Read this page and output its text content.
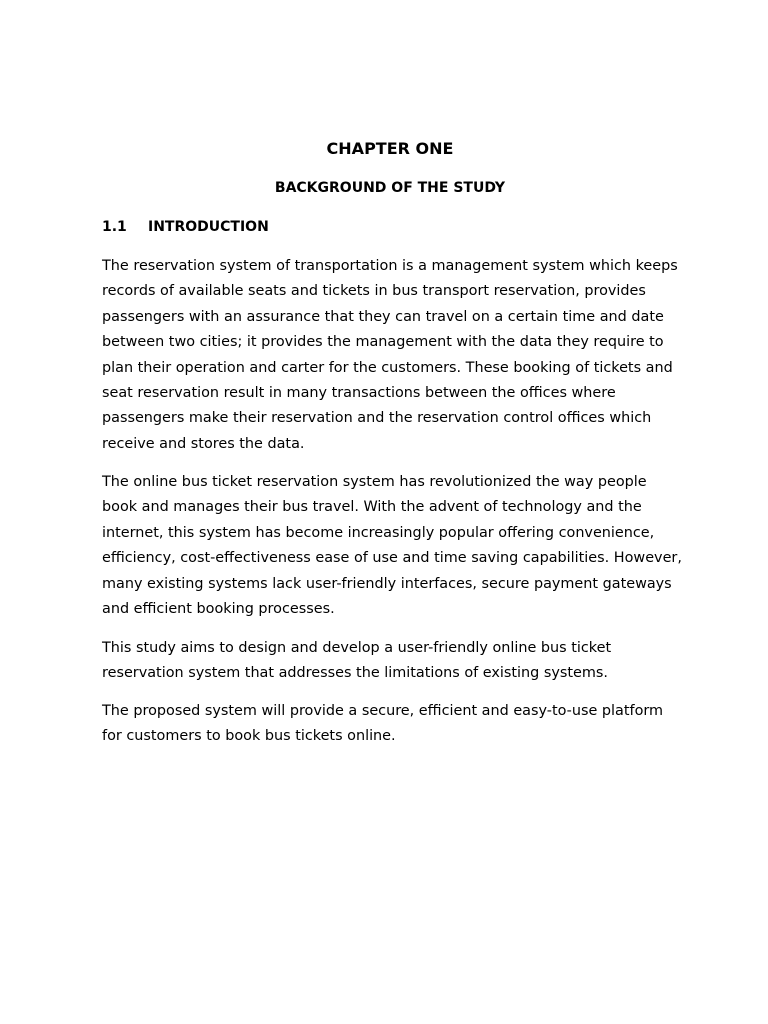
CHAPTER ONE
BACKGROUND OF THE STUDY
1.1 INTRODUCTION
The reservation system of transportation is a management system which keeps
records of available seats and tickets in bus transport reservation, provides
passengers with an assurance that they can travel on a certain time and date
between two cities; it provides the management with the data they require to
plan their operation and carter for the customers. These booking of tickets and
seat reservation result in many transactions between the offices where
passengers make their reservation and the reservation control offices which
receive and stores the data.
The online bus ticket reservation system has revolutionized the way people
book and manages their bus travel. With the advent of technology and the
internet, this system has become increasingly popular offering convenience,
efficiency, cost-effectiveness ease of use and time saving capabilities. However,
many existing systems lack user-friendly interfaces, secure payment gateways
and efficient booking processes.
This study aims to design and develop a user-friendly online bus ticket
reservation system that addresses the limitations of existing systems.
The proposed system will provide a secure, efficient and easy-to-use platform
for customers to book bus tickets online.
